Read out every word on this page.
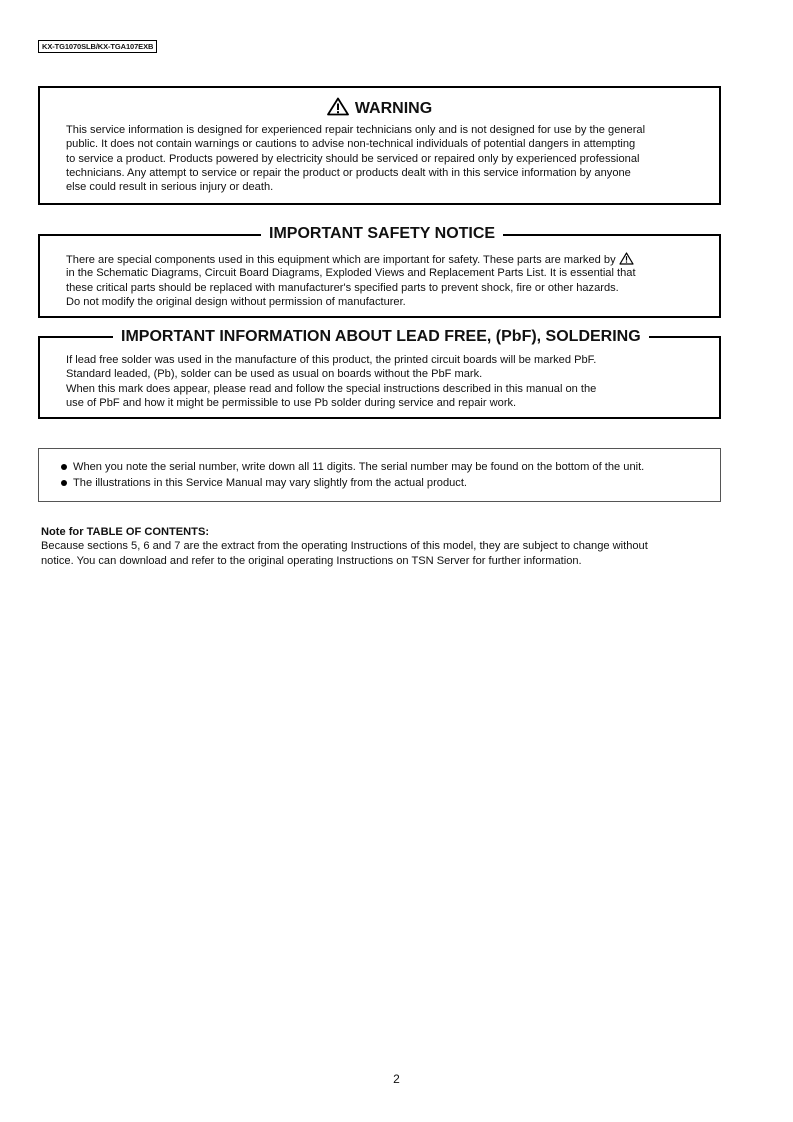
KX-TG1070SLB/KX-TGA107EXB
WARNING
This service information is designed for experienced repair technicians only and is not designed for use by the general
public. It does not contain warnings or cautions to advise non-technical individuals of potential dangers in attempting
to service a product. Products powered by electricity should be serviced or repaired only by experienced professional
technicians. Any attempt to service or repair the product or products dealt with in this service information by anyone
else could result in serious injury or death.
IMPORTANT SAFETY NOTICE
There are special components used in this equipment which are important for safety. These parts are marked by
in the Schematic Diagrams, Circuit Board Diagrams, Exploded Views and Replacement Parts List. It is essential that
these critical parts should be replaced with manufacturer's specified parts to prevent shock, fire or other hazards.
Do not modify the original design without permission of manufacturer.
IMPORTANT INFORMATION ABOUT LEAD FREE, (PbF), SOLDERING
If lead free solder was used in the manufacture of this product, the printed circuit boards will be marked PbF.
Standard leaded, (Pb), solder can be used as usual on boards without the PbF mark.
When this mark does appear, please read and follow the special instructions described in this manual on the
use of PbF and how it might be permissible to use Pb solder during service and repair work.
When you note the serial number, write down all 11 digits. The serial number may be found on the bottom of the unit.
The illustrations in this Service Manual may vary slightly from the actual product.
Note for TABLE OF CONTENTS:
Because sections 5, 6 and 7 are the extract from the operating Instructions of this model, they are subject to change without
notice. You can download and refer to the original operating Instructions on TSN Server for further information.
2
